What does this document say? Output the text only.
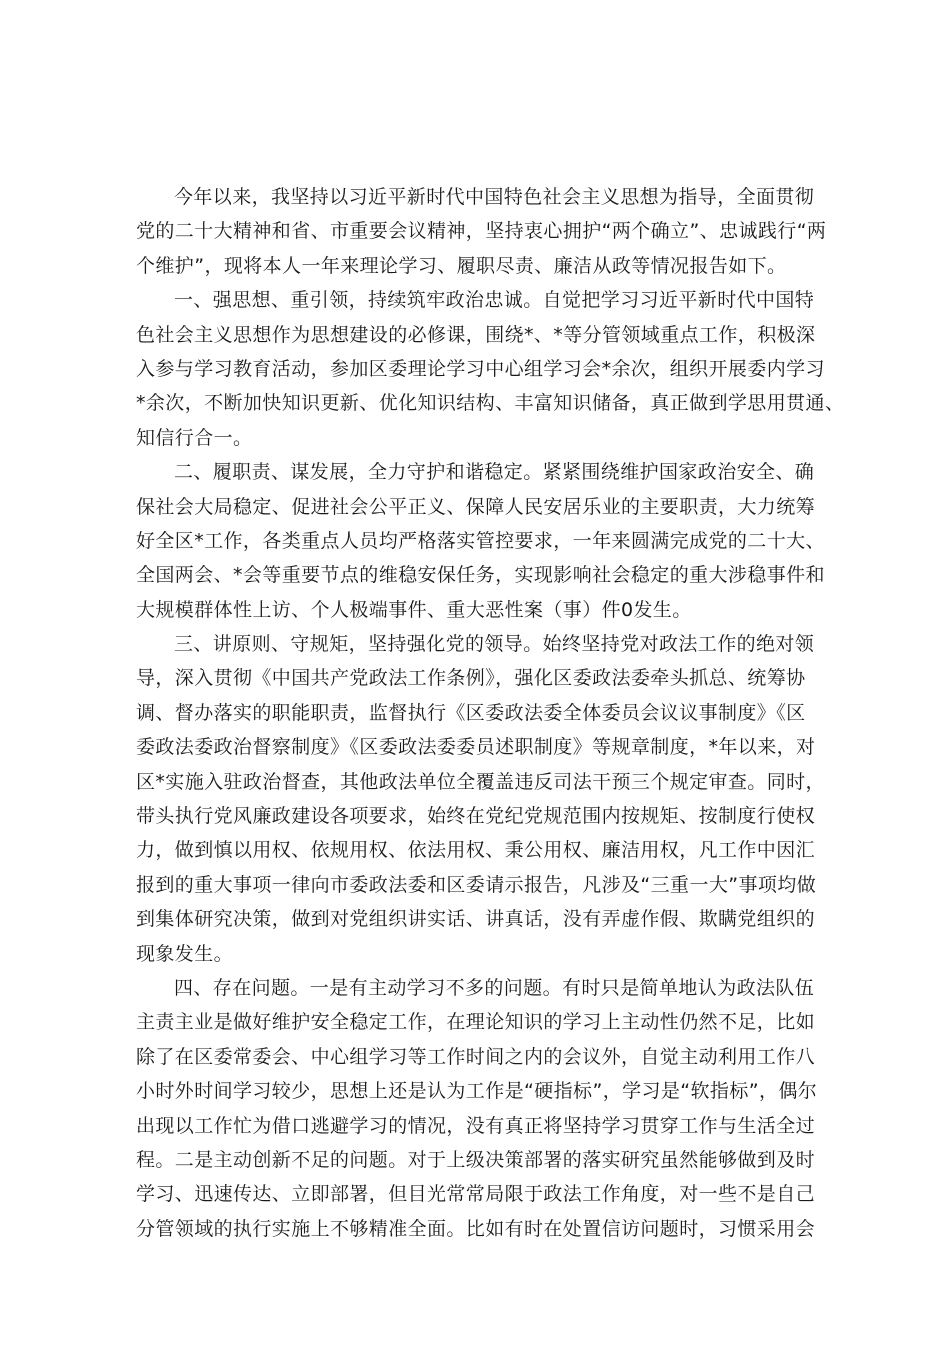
今年以来，我坚持以习近平新时代中国特色社会主义思想为指导，全面贯彻
党的二十大精神和省、市重要会议精神，坚持衷心拥护“两个确立”、忠诚践行“两
个维护”，现将本人一年来理论学习、履职尽责、廉洁从政等情况报告如下。
一、强思想、重引领，持续筑牢政治忠诚。自觉把学习习近平新时代中国特
色社会主义思想作为思想建设的必修课，围绕*、*等分管领域重点工作，积极深
入参与学习教育活动，参加区委理论学习中心组学习会*余次，组织开展委内学习
*余次，不断加快知识更新、优化知识结构、丰富知识储备，真正做到学思用贯通、
知信行合一。
二、履职责、谋发展，全力守护和谐稳定。紧紧围绕维护国家政治安全、确
保社会大局稳定、促进社会公平正义、保障人民安居乐业的主要职责，大力统筹
好全区*工作，各类重点人员均严格落实管控要求，一年来圆满完成党的二十大、
全国两会、*会等重要节点的维稳安保任务，实现影响社会稳定的重大涉稳事件和
大规模群体性上访、个人极端事件、重大恶性案（事）件0发生。
三、讲原则、守规矩，坚持强化党的领导。始终坚持党对政法工作的绝对领
导，深入贯彻《中国共产党政法工作条例》，强化区委政法委牵头抓总、统筹协
调、督办落实的职能职责，监督执行《区委政法委全体委员会议议事制度》《区
委政法委政治督察制度》《区委政法委委员述职制度》等规章制度，*年以来，对
区*实施入驻政治督查，其他政法单位全覆盖违反司法干预三个规定审查。同时，
带头执行党风廉政建设各项要求，始终在党纪党规范围内按规矩、按制度行使权
力，做到慎以用权、依规用权、依法用权、秉公用权、廉洁用权，凡工作中因汇
报到的重大事项一律向市委政法委和区委请示报告，凡涉及“三重一大”事项均做
到集体研究决策，做到对党组织讲实话、讲真话，没有弄虚作假、欺瞒党组织的
现象发生。
四、存在问题。一是有主动学习不多的问题。有时只是简单地认为政法队伍
主责主业是做好维护安全稳定工作，在理论知识的学习上主动性仍然不足，比如
除了在区委常委会、中心组学习等工作时间之内的会议外，自觉主动利用工作八
小时外时间学习较少，思想上还是认为工作是“硬指标”，学习是“软指标”，偶尔
出现以工作忙为借口逃避学习的情况，没有真正将坚持学习贯穿工作与生活全过
程。二是主动创新不足的问题。对于上级决策部署的落实研究虽然能够做到及时
学习、迅速传达、立即部署，但目光常常局限于政法工作角度，对一些不是自己
分管领域的执行实施上不够精准全面。比如有时在处置信访问题时，习惯采用会
